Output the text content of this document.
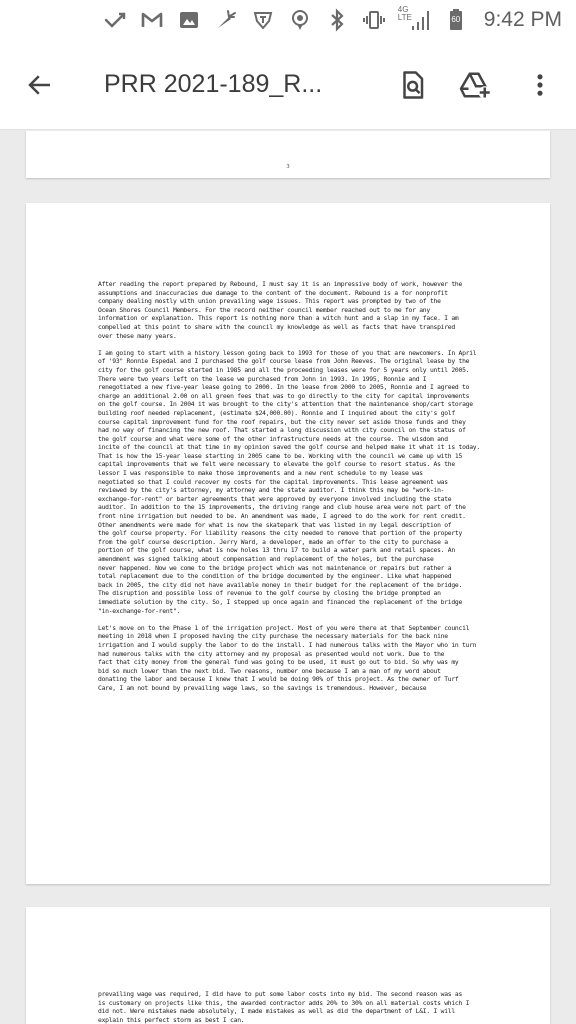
4G
LTE	60	9:42 PM
PRR 2021-189_R...
3
After reading the report prepared by Rebound, I must say it is an impressive body of work, however the
assumptions and inaccuracies due damage to the content of the document. Rebound is a for nonprofit
company dealing mostly with union prevailing wage issues. This report was prompted by two of the
Ocean Shores Council Members. For the record neither council member reached out to me for any
information or explanation. This report is nothing more than a witch hunt and a slap in my face. I am
compelled at this point to share with the council my knowledge as well as facts that have transpired
over these many years.
I am going to start with a history lesson going back to 1993 for those of you that are newcomers. In April
of '93" Ronnie Espedal and I purchased the golf course lease from John Reeves. The original lease by the
city for the golf course started in 1985 and all the proceeding leases were for 5 years only until 2005.
There were two years left on the lease we purchased from John in 1993. In 1995, Ronnie and I
renegotiated a new five-year lease going to 2000. In the lease from 2000 to 2005, Ronnie and I agreed to
charge an additional 2.00 on all green fees that was to go directly to the city for capital improvements
on the golf course. In 2004 it was brought to the city's attention that the maintenance shop/cart storage
building roof needed replacement, (estimate $24,000.00). Ronnie and I inquired about the city's golf
course capital improvement fund for the roof repairs, but the city never set aside those funds and they
had no way of financing the new roof. That started a long discussion with city council on the status of
the golf course and what were some of the other infrastructure needs at the course. The wisdom and
incite of the council at that time in my opinion saved the golf course and helped make it what it is today.
That is how the 15-year lease starting in 2005 came to be. Working with the council we came up with 15
capital improvements that we felt were necessary to elevate the golf course to resort status. As the
lessor I was responsible to make those improvements and a new rent schedule to my lease was
negotiated so that I could recover my costs for the capital improvements. This lease agreement was
reviewed by the city's attorney, my attorney and the state auditor. I think this may be "work-in-
exchange-for-rent" or barter agreements that were approved by everyone involved including the state
auditor. In addition to the 15 improvements, the driving range and club house area were not part of the
front nine irrigation but needed to be. An amendment was made, I agreed to do the work for rent credit.
Other amendments were made for what is now the skatepark that was listed in my legal description of
the golf course property. For liability reasons the city needed to remove that portion of the property
from the golf course description. Jerry Ward, a developer, made an offer to the city to purchase a
portion of the golf course, what is now holes 13 thru 17 to build a water park and retail spaces. An
amendment was signed talking about compensation and replacement of the holes, but the purchase
never happened. Now we come to the bridge project which was not maintenance or repairs but rather a
total replacement due to the condition of the bridge documented by the engineer. Like what happened
back in 2005, the city did not have available money in their budget for the replacement of the bridge.
The disruption and possible loss of revenue to the golf course by closing the bridge prompted an
immediate solution by the city. So, I stepped up once again and financed the replacement of the bridge
"in-exchange-for-rent".
Let's move on to the Phase 1 of the irrigation project. Most of you were there at that September council
meeting in 2018 when I proposed having the city purchase the necessary materials for the back nine
irrigation and I would supply the labor to do the install. I had numerous talks with the Mayor who in turn
had numerous talks with the city attorney and my proposal as presented would not work. Due to the
fact that city money from the general fund was going to be used, it must go out to bid. So why was my
bid so much lower than the next bid. Two reasons, number one because I am a man of my word about
donating the labor and because I knew that I would be doing 90% of this project. As the owner of Turf
Care, I am not bound by prevailing wage laws, so the savings is tremendous. However, because
prevailing wage was required, I did have to put some labor costs into my bid. The second reason was as
is customary on projects like this, the awarded contractor adds 20% to 30% on all material costs which I
did not. Were mistakes made absolutely, I made mistakes as well as did the department of L&I. I will
explain this perfect storm as best I can.
